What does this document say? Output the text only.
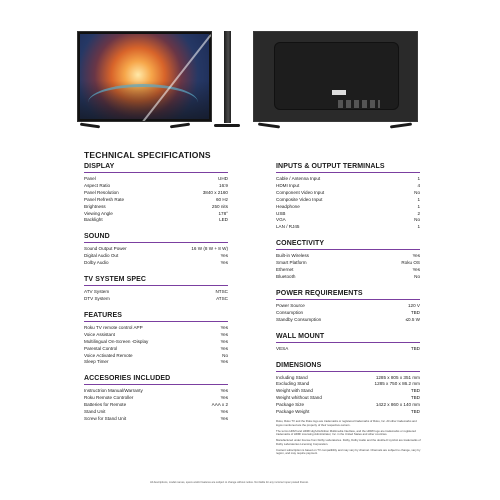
TECHNICAL SPECIFICATIONS
DISPLAY
Panel	UHD
Aspect Ratio	16:9
Panel Resolution	3840 x 2160
Panel Refresh Rate	60 Hz
Brightness	250 nits
Viewing Angle	178°
Backlight	LED
SOUND
Sound Output Power	16 W (8 W + 8 W)
Digital Audio Out	Yes
Dolby Audio	Yes
TV SYSTEM SPEC
ATV System	NTSC
DTV System	ATSC
FEATURES
Roku TV remote control APP	Yes
Voice Assistant	Yes
Multilingual On-Screen -Display	Yes
Parental Control	Yes
Voice Activated Remote	No
Sleep Timer	Yes
ACCESORIES INCLUDED
Instructrion Manual/Warranty	Yes
Roku Remote Controller	Yes
Batteries for Remote	AAA x 2
Stand Unit	Yes
Screw for Stand Unit	Yes
INPUTS & OUTPUT TERMINALS
Cable / Antenna Input	1
HDMI Input	4
Component Video Input	No
Composite Video Input	1
Headphone	1
USB	2
VGA	No
LAN / RJ45	1
CONECTIVITY
Built-in Wireless	Yes
Smart Platform	Roku OS
Ethernet	Yes
Bluetooth	No
POWER REQUIREMENTS
Power Source	120 V
Consumption	TBD
Standby Consumption	≤0.5 W
WALL MOUNT
VESA	TBD
DIMENSIONS
Including Stand	1285 x 805 x 351 mm
Excluding Stand	1285 x 750 x 86.2 mm
Weight with Stand	TBD
Weight whithout Stand	TBD
Package Size	1422 x 860 x 140 mm
Package Weight	TBD

Roku, Roku TV and the Roku logo are trademarks or registered trademarks of Roku, Inc. All other trademarks and logos mentioned are the property of their respective owners.

The terms HDMI and HDMI High-Definition Multimedia Interface, and the HDMI logo are trademarks or registered trademarks of HDMI Licensing Administrator, Inc. in the United States and other countries.

Manufactured under license from Dolby Laboratories. Dolby, Dolby Audio and the double-D symbol are trademarks of Dolby Laboratories Licensing Corporation.

Content subscription is based on TV compatibility and may vary by channel. Channels are subject to change, vary by region, and may require payment.

All descriptions, model names, specs and/or features are subject to change without notice. Not liable for any incorrect spec posted thereto.
